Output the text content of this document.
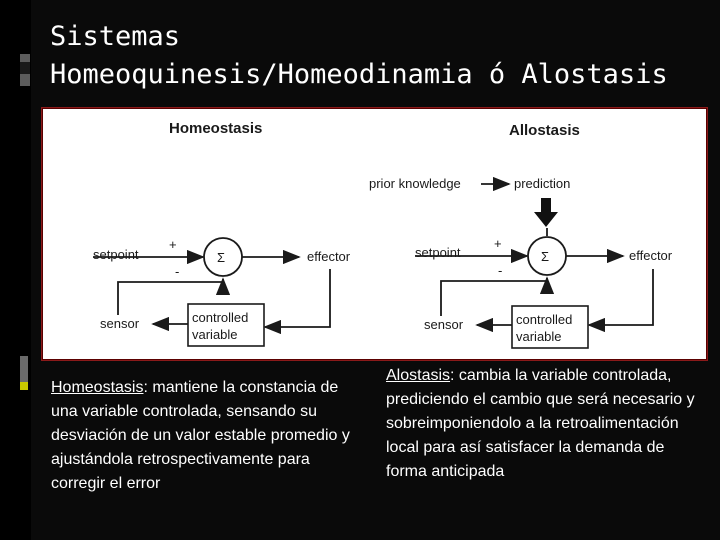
Sistemas
Homeoquinesis/Homeodinamia ó Alostasis
Homeostasis
setpoint
+
-
Σ	effector
controlled
variable
sensor
Allostasis
prior knowledge	prediction
setpoint
+
-
Σ	effector
controlled
variable
sensor
Homeostasis: mantiene la constancia de una variable controlada, sensando su desviación de un valor estable promedio y ajustándola retrospectivamente para corregir el error
Alostasis: cambia la variable controlada, prediciendo el cambio que será necesario y sobreimponiendolo a la retroalimentación local para así satisfacer la demanda de forma anticipada
